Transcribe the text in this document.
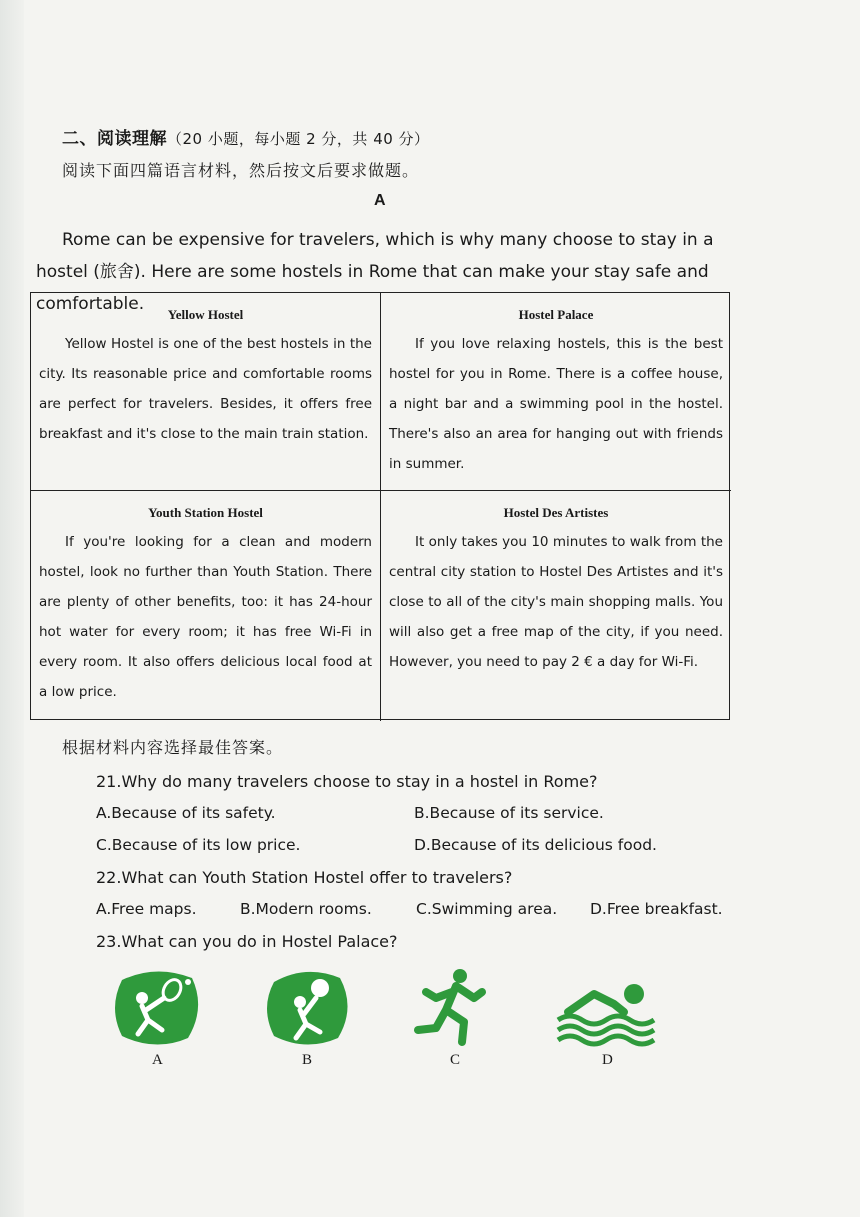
二、阅读理解（20 小题，每小题 2 分，共 40 分）
阅读下面四篇语言材料，然后按文后要求做题。
A
Rome can be expensive for travelers, which is why many choose to stay in a hostel (旅舍). Here are some hostels in Rome that can make your stay safe and comfortable.
Yellow Hostel
Yellow Hostel is one of the best hostels in the city. Its reasonable price and comfortable rooms are perfect for travelers. Besides, it offers free breakfast and it's close to the main train station.
Hostel Palace
If you love relaxing hostels, this is the best hostel for you in Rome. There is a coffee house, a night bar and a swimming pool in the hostel. There's also an area for hanging out with friends in summer.
Youth Station Hostel
If you're looking for a clean and modern hostel, look no further than Youth Station. There are plenty of other benefits, too: it has 24-hour hot water for every room; it has free Wi-Fi in every room. It also offers delicious local food at a low price.
Hostel Des Artistes
It only takes you 10 minutes to walk from the central city station to Hostel Des Artistes and it's close to all of the city's main shopping malls. You will also get a free map of the city, if you need. However, you need to pay 2 € a day for Wi-Fi.
根据材料内容选择最佳答案。
21.Why do many travelers choose to stay in a hostel in Rome?
A.Because of its safety.	B.Because of its service.
C.Because of its low price.	D.Because of its delicious food.
22.What can Youth Station Hostel offer to travelers?
A.Free maps.	B.Modern rooms.	C.Swimming area. D.Free breakfast.
23.What can you do in Hostel Palace?
A	B	C	D
